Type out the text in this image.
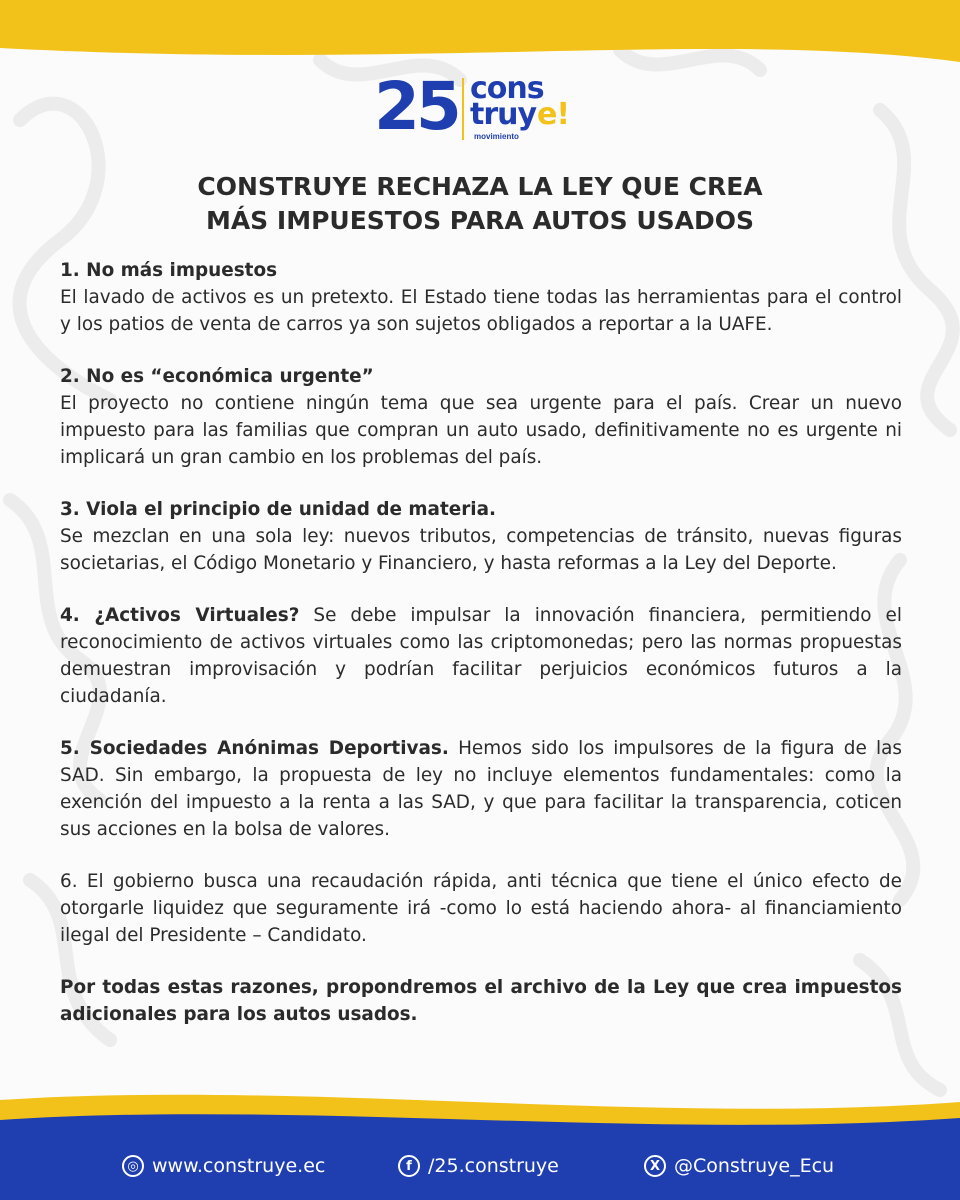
25 cons
truy e!
movimiento
CONSTRUYE RECHAZA LA LEY QUE CREA
MÁS IMPUESTOS PARA AUTOS USADOS

1. No más impuestos
El lavado de activos es un pretexto. El Estado tiene todas las herramientas para el control y los patios de venta de carros ya son sujetos obligados a reportar a la UAFE.

2. No es “económica urgente”
El proyecto no contiene ningún tema que sea urgente para el país. Crear un nuevo impuesto para las familias que compran un auto usado, definitivamente no es urgente ni implicará un gran cambio en los problemas del país.

3. Viola el principio de unidad de materia.
Se mezclan en una sola ley: nuevos tributos, competencias de tránsito, nuevas figuras societarias, el Código Monetario y Financiero, y hasta reformas a la Ley del Deporte.

4. ¿Activos Virtuales? Se debe impulsar la innovación financiera, permitiendo el reconocimiento de activos virtuales como las criptomonedas; pero las normas propuestas demuestran improvisación y podrían facilitar perjuicios económicos futuros a la ciudadanía.

5. Sociedades Anónimas Deportivas. Hemos sido los impulsores de la figura de las SAD. Sin embargo, la propuesta de ley no incluye elementos fundamentales: como la exención del impuesto a la renta a las SAD, y que para facilitar la transparencia, coticen sus acciones en la bolsa de valores.

6. El gobierno busca una recaudación rápida, anti técnica que tiene el único efecto de otorgarle liquidez que seguramente irá -como lo está haciendo ahora- al financiamiento ilegal del Presidente – Candidato.

Por todas estas razones, propondremos el archivo de la Ley que crea impuestos adicionales para los autos usados.

◎ www.construye.ec	f /25.construye	X @Construye_Ecu
